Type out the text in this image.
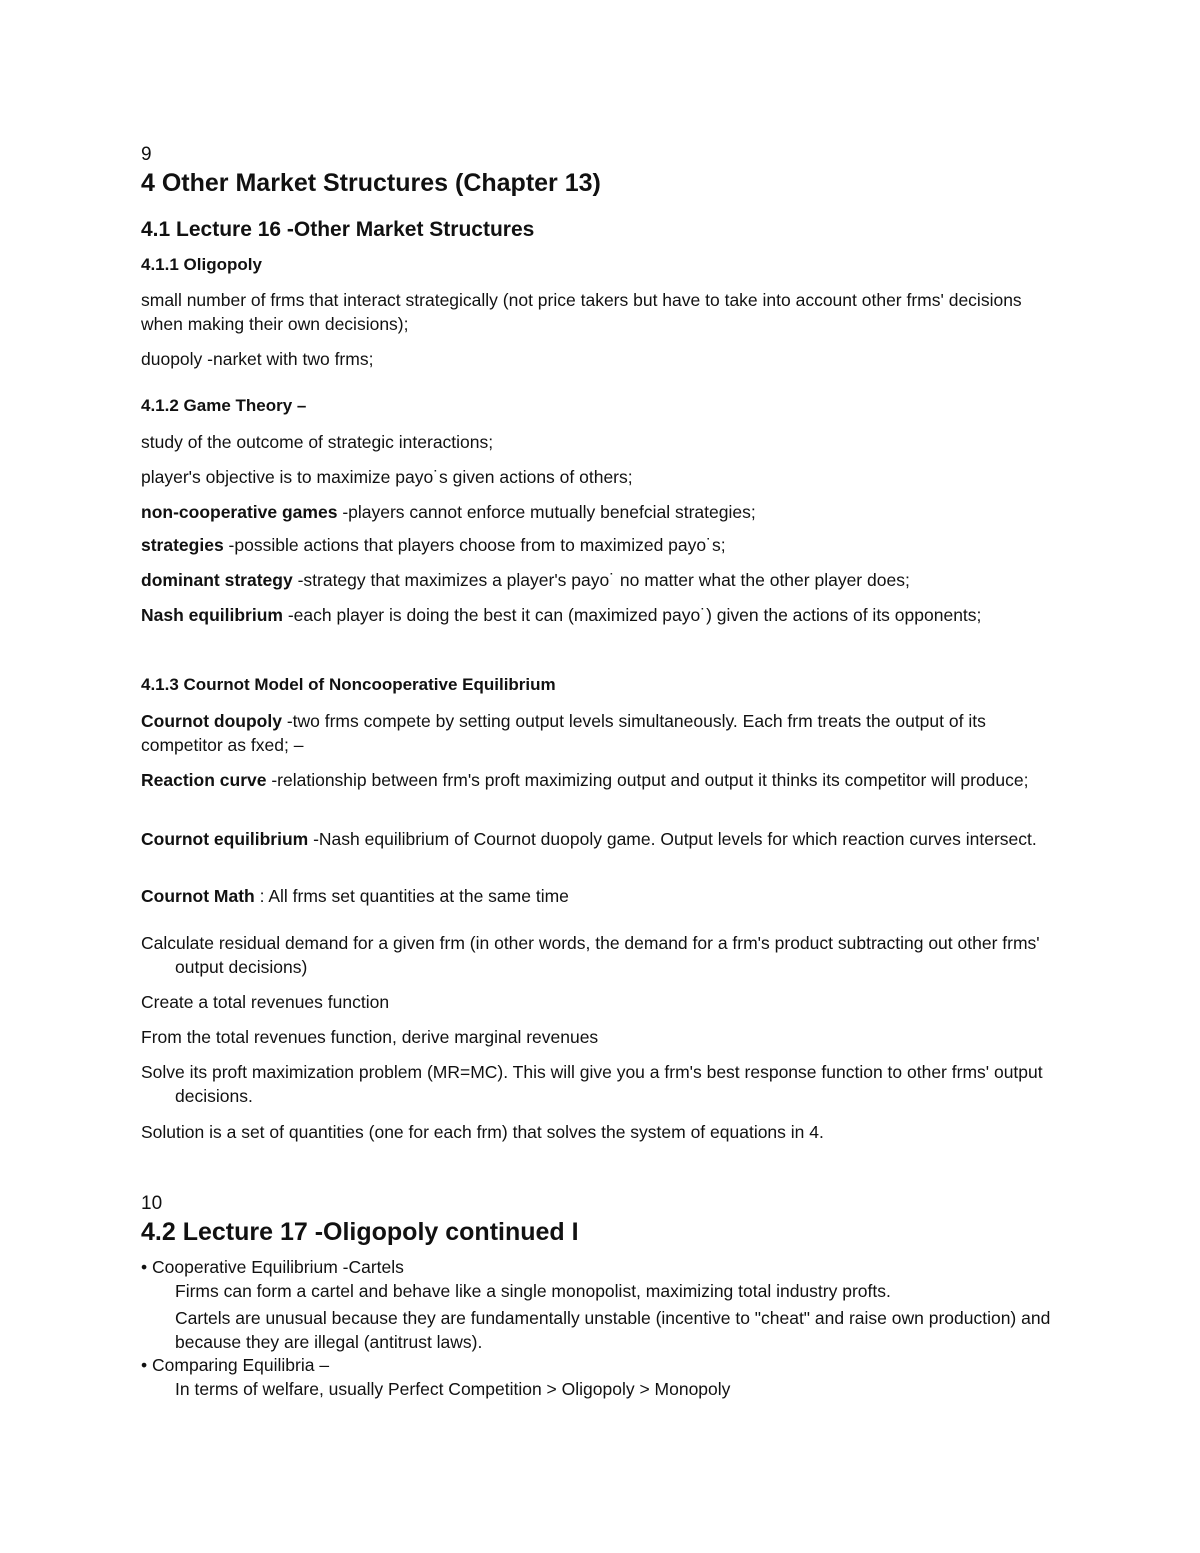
9
4 Other Market Structures (Chapter 13)
4.1 Lecture 16 -Other Market Structures
4.1.1 Oligopoly
small number of frms that interact strategically (not price takers but have to take into account other frms' decisions when making their own decisions);
duopoly -narket with two frms;
4.1.2 Game Theory –
study of the outcome of strategic interactions;
player's objective is to maximize payo˙s given actions of others;
non-cooperative games -players cannot enforce mutually benefcial strategies;
strategies -possible actions that players choose from to maximized payo˙s;
dominant strategy -strategy that maximizes a player's payo˙ no matter what the other player does;
Nash equilibrium -each player is doing the best it can (maximized payo˙) given the actions of its opponents;
4.1.3 Cournot Model of Noncooperative Equilibrium
Cournot doupoly -two frms compete by setting output levels simultaneously. Each frm treats the output of its competitor as fxed; –
Reaction curve -relationship between frm's proft maximizing output and output it thinks its competitor will produce;
Cournot equilibrium -Nash equilibrium of Cournot duopoly game. Output levels for which reaction curves intersect.
Cournot Math : All frms set quantities at the same time
Calculate residual demand for a given frm (in other words, the demand for a frm's product subtracting out other frms' output decisions)
Create a total revenues function
From the total revenues function, derive marginal revenues
Solve its proft maximization problem (MR=MC). This will give you a frm's best response function to other frms' output decisions.
Solution is a set of quantities (one for each frm) that solves the system of equations in 4.
10
4.2 Lecture 17 -Oligopoly continued I
• Cooperative Equilibrium -Cartels
Firms can form a cartel and behave like a single monopolist, maximizing total industry profts.
Cartels are unusual because they are fundamentally unstable (incentive to "cheat" and raise own production) and because they are illegal (antitrust laws).
• Comparing Equilibria –
In terms of welfare, usually Perfect Competition > Oligopoly > Monopoly
